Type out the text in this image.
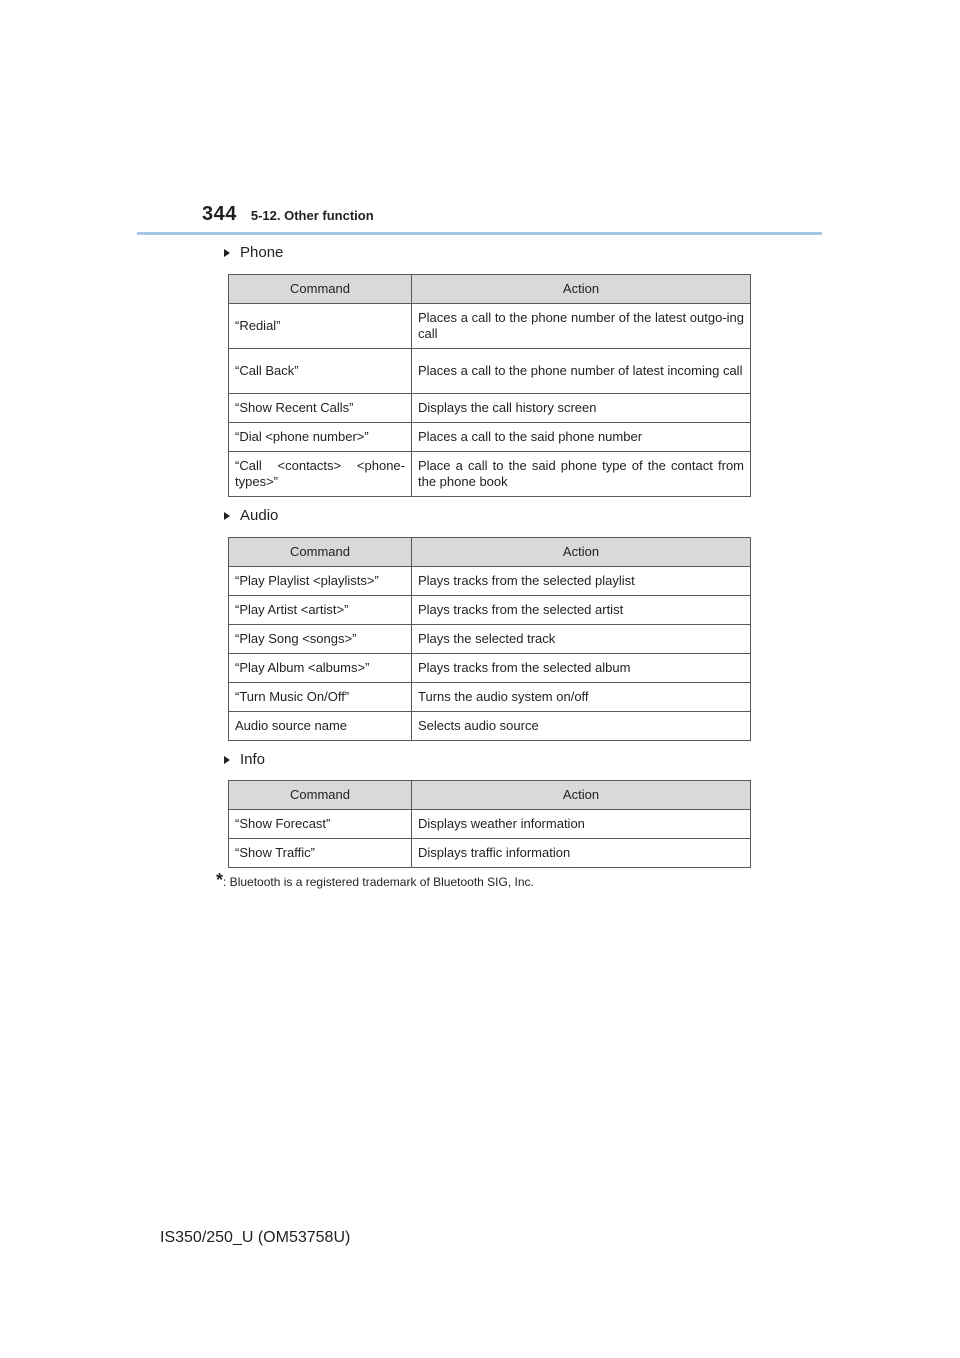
344 5-12. Other function
Phone
Command	Action
“Redial”	Places a call to the phone number of the latest outgo-ing call
“Call Back”	Places a call to the phone number of latest incoming call
“Show Recent Calls”	Displays the call history screen
“Dial <phone number>”	Places a call to the said phone number
“Call <contacts> <phone-types>”	Place a call to the said phone type of the contact from the phone book
Audio
Command	Action
“Play Playlist <playlists>”	Plays tracks from the selected playlist
“Play Artist <artist>”	Plays tracks from the selected artist
“Play Song <songs>”	Plays the selected track
“Play Album <albums>”	Plays tracks from the selected album
“Turn Music On/Off”	Turns the audio system on/off
Audio source name	Selects audio source
Info
Command	Action
“Show Forecast”	Displays weather information
“Show Traffic”	Displays traffic information
* : Bluetooth is a registered trademark of Bluetooth SIG, Inc.
IS350/250_U (OM53758U)
